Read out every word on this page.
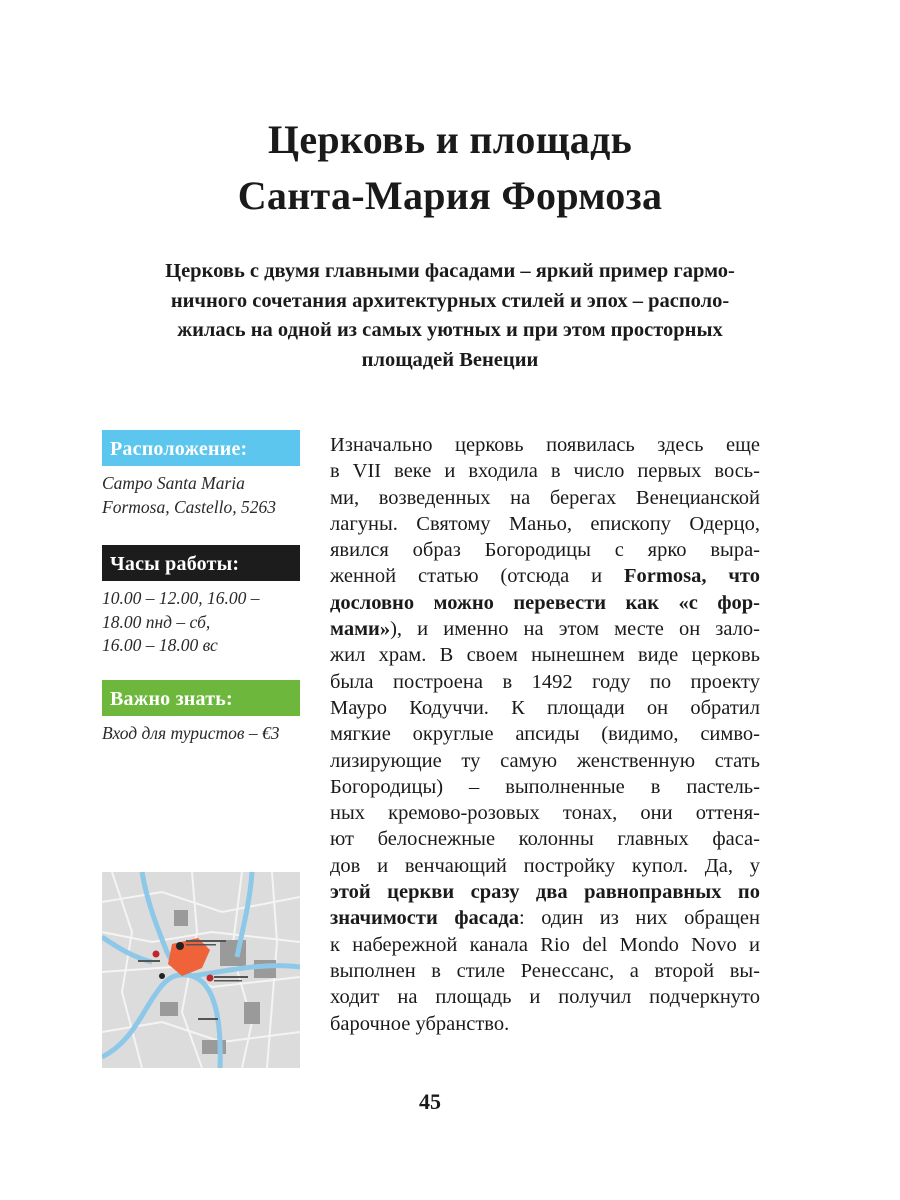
Церковь и площадь
Санта-Мария Формоза

Церковь с двумя главными фасадами – яркий пример гармо-
ничного сочетания архитектурных стилей и эпох – располо-
жилась на одной из самых уютных и при этом просторных
площадей Венеции

Расположение:
Campo Santa Maria
Formosa, Castello, 5263
Часы работы:
10.00 – 12.00, 16.00 –
18.00 пнд – сб,
16.00 – 18.00 вс
Важно знать:
Вход для туристов – €3
Изначально церковь появилась здесь еще
в VII веке и входила в число первых вось-
ми, возведенных на берегах Венецианской
лагуны. Святому Маньо, епископу Одерцо,
явился образ Богородицы с ярко выра-
женной статью (отсюда и Formosa, что
дословно можно перевести как «с фор-
мами»), и именно на этом месте он зало-
жил храм. В своем нынешнем виде церковь
была построена в 1492 году по проекту
Мауро Кодуччи. К площади он обратил
мягкие округлые апсиды (видимо, симво-
лизирующие ту самую женственную стать
Богородицы) – выполненные в пастель-
ных кремово-розовых тонах, они оттеня-
ют белоснежные колонны главных фаса-
дов и венчающий постройку купол. Да, у
этой церкви сразу два равноправных по
значимости фасада: один из них обращен
к набережной канала Rio del Mondo Novo и
выполнен в стиле Ренессанс, а второй вы-
ходит на площадь и получил подчеркнуто
барочное убранство.
45
